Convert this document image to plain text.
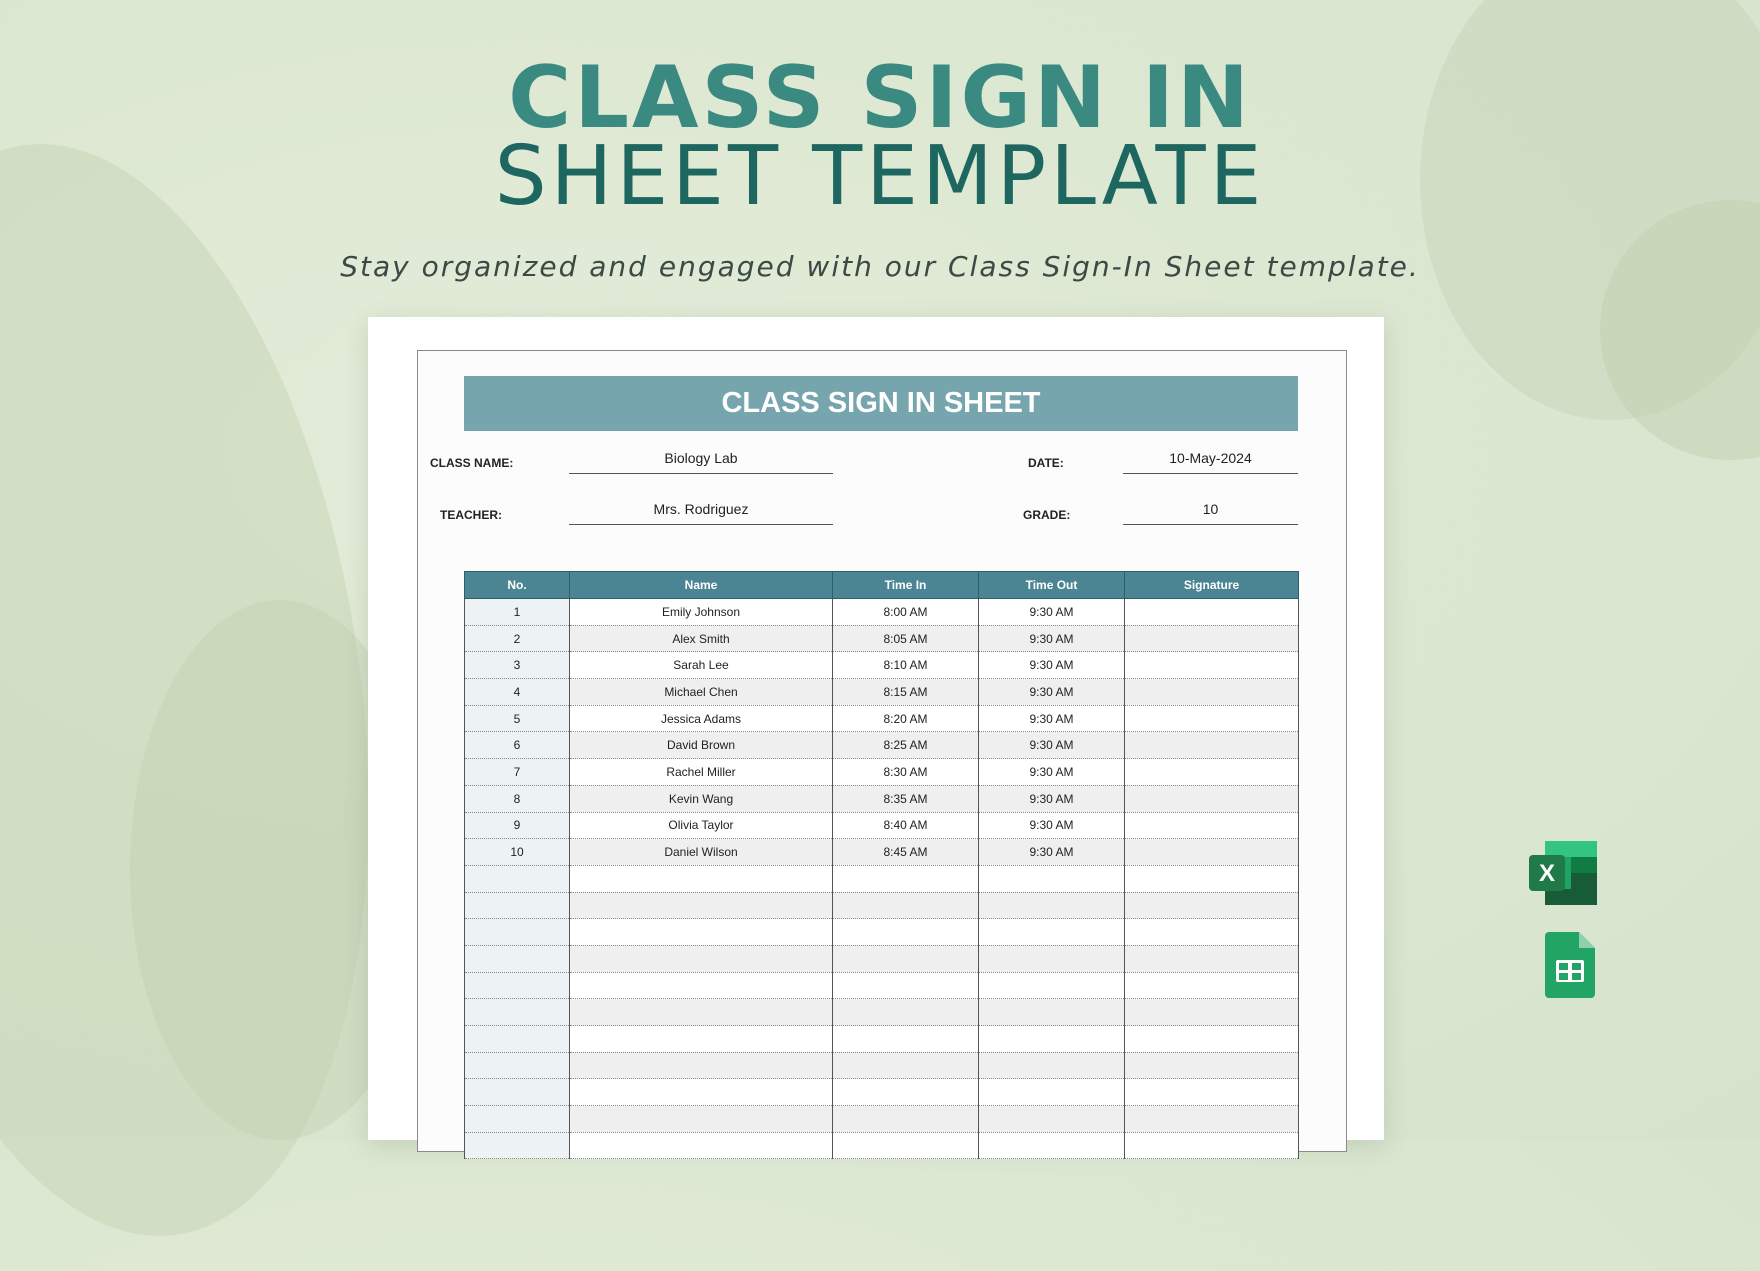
CLASS SIGN IN
SHEET TEMPLATE

Stay organized and engaged with our Class Sign-In Sheet template.

CLASS SIGN IN SHEET
CLASS NAME:	Biology Lab	DATE:	10-May-2024
TEACHER:	Mrs. Rodriguez	GRADE:	10
No.	Name	Time In	Time Out	Signature
1	Emily Johnson	8:00 AM	9:30 AM	
2	Alex Smith	8:05 AM	9:30 AM	
3	Sarah Lee	8:10 AM	9:30 AM	
4	Michael Chen	8:15 AM	9:30 AM	
5	Jessica Adams	8:20 AM	9:30 AM	
6	David Brown	8:25 AM	9:30 AM	
7	Rachel Miller	8:30 AM	9:30 AM	
8	Kevin Wang	8:35 AM	9:30 AM	
9	Olivia Taylor	8:40 AM	9:30 AM	
10	Daniel Wilson	8:45 AM	9:30 AM	

X
